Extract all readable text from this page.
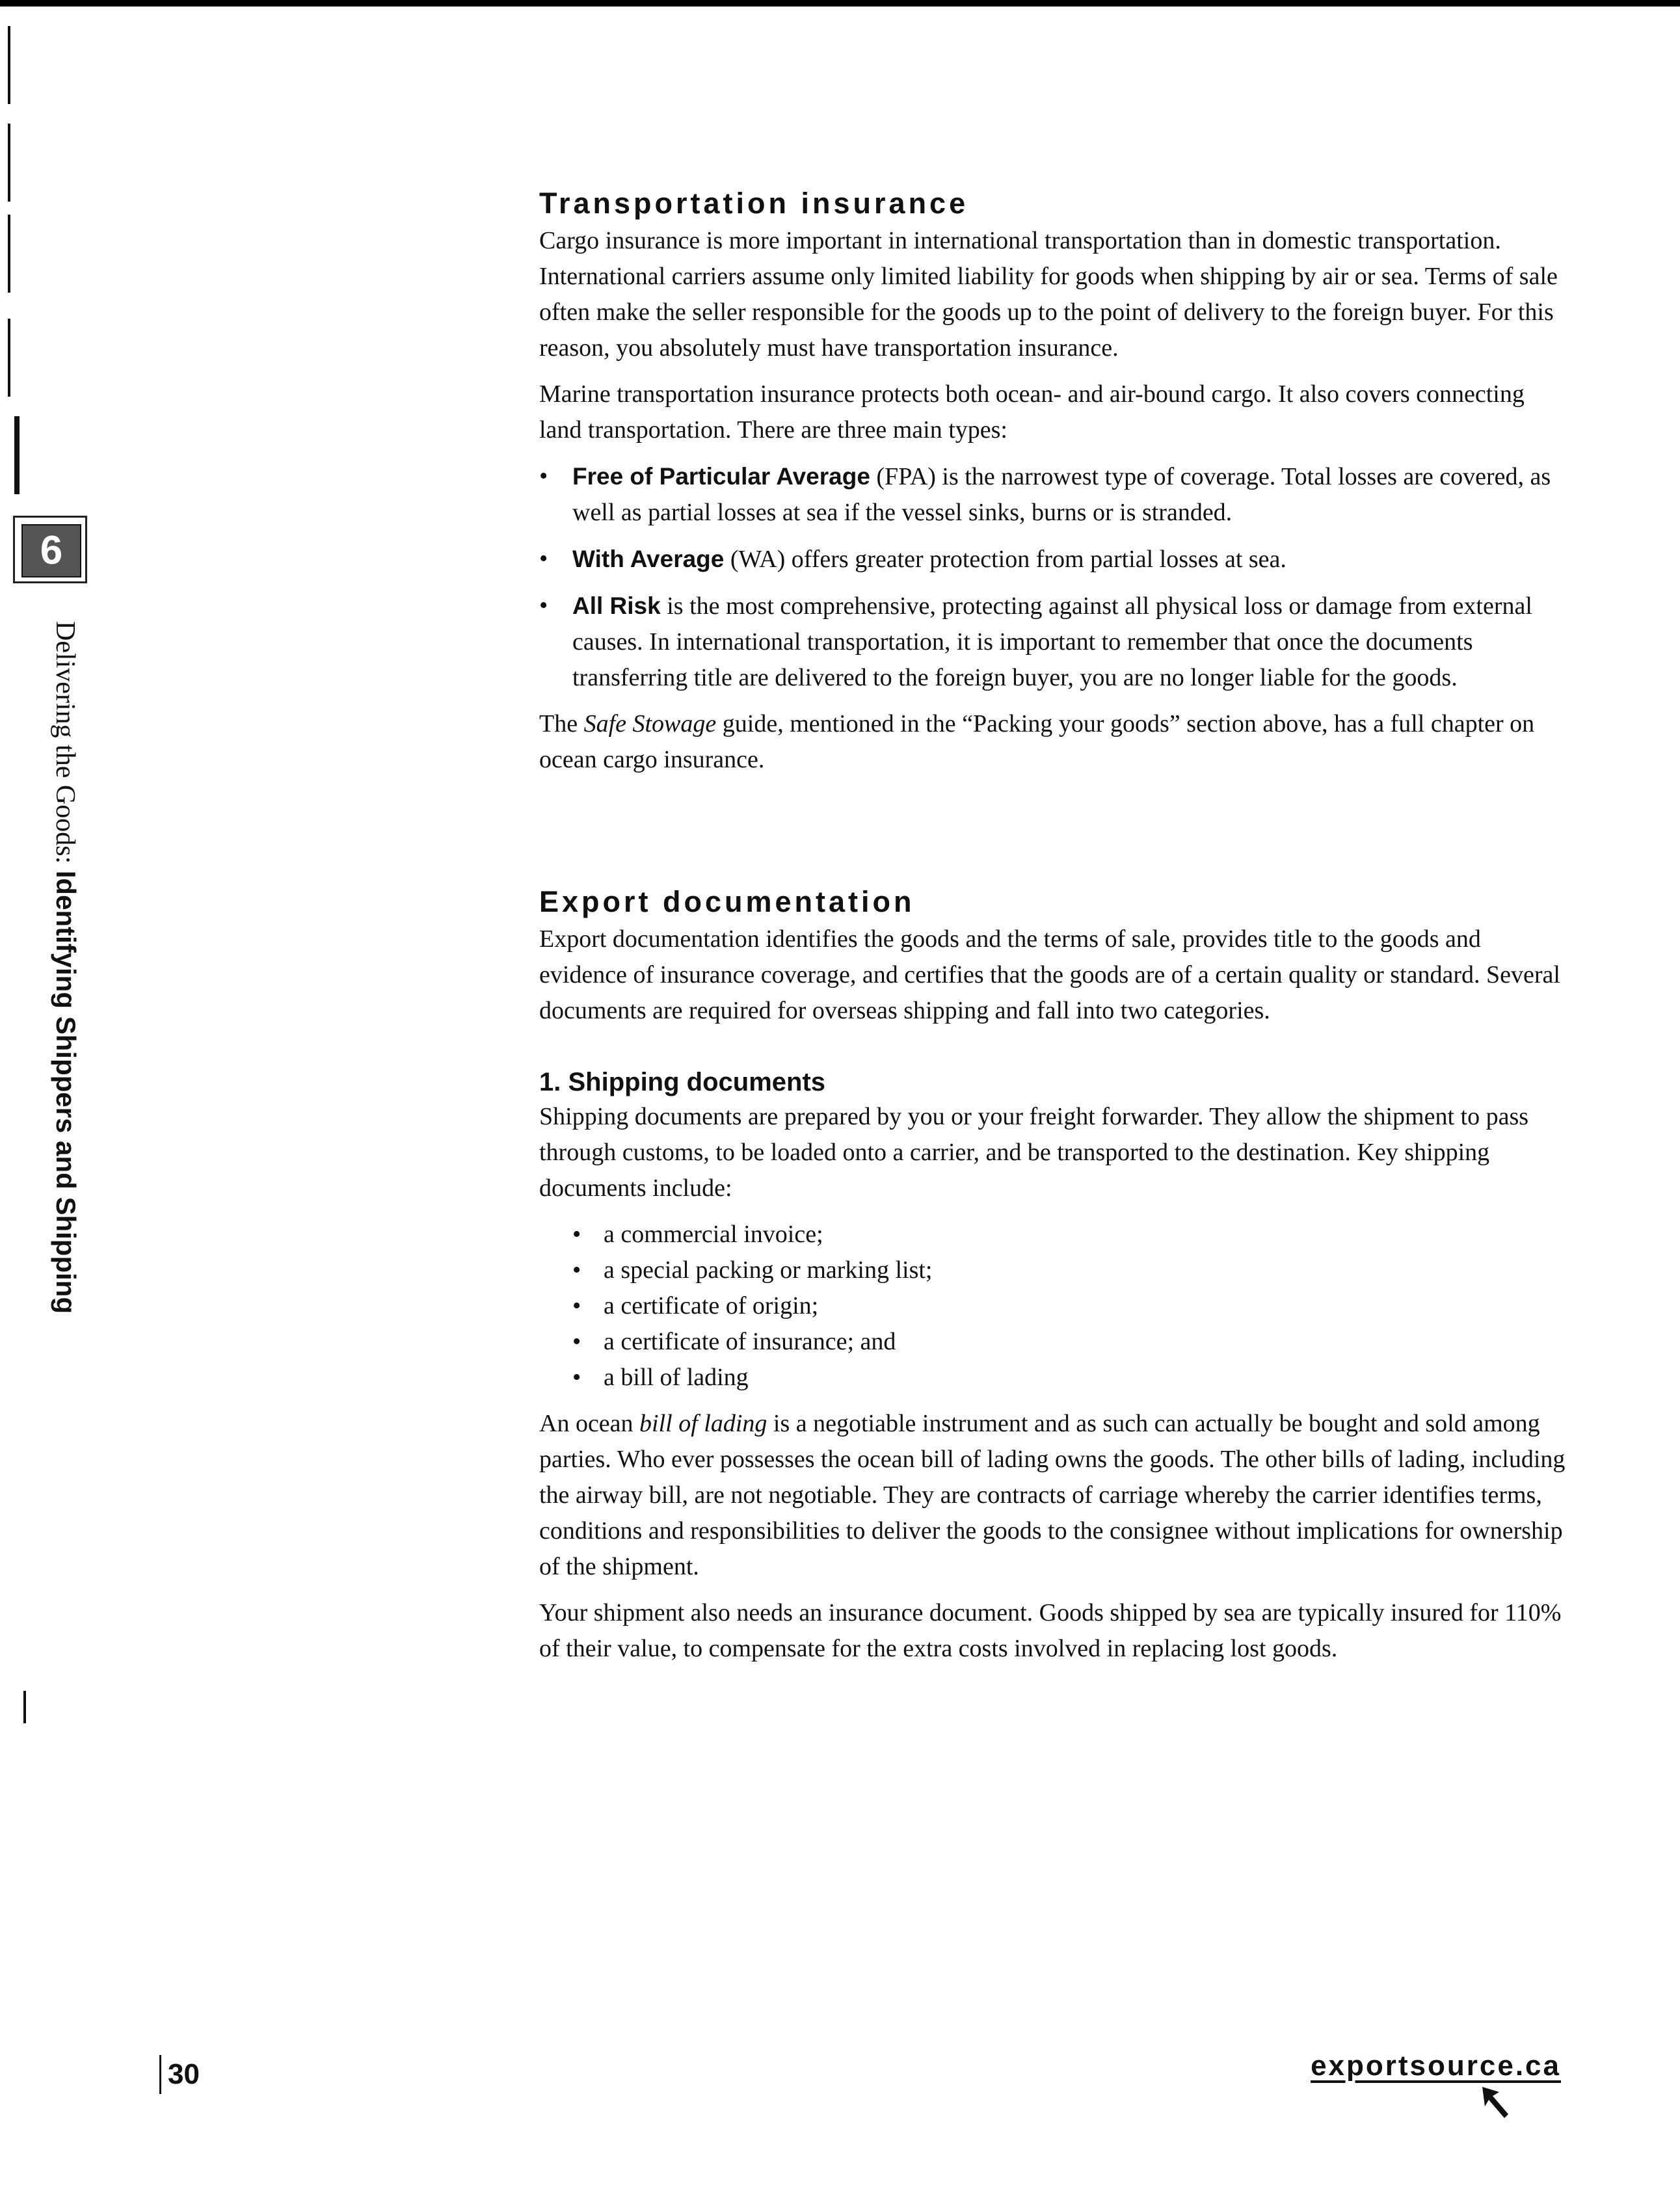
6
Delivering the Goods: Identifying Shippers and Shipping
Transportation insurance

Cargo insurance is more important in international transportation than in domestic transportation. International carriers assume only limited liability for goods when shipping by air or sea. Terms of sale often make the seller responsible for the goods up to the point of delivery to the foreign buyer. For this reason, you absolutely must have transportation insurance.

Marine transportation insurance protects both ocean- and air-bound cargo. It also covers connecting land transportation. There are three main types:

• Free of Particular Average (FPA) is the narrowest type of coverage. Total losses are covered, as well as partial losses at sea if the vessel sinks, burns or is stranded.
• With Average (WA) offers greater protection from partial losses at sea.
• All Risk is the most comprehensive, protecting against all physical loss or damage from external causes. In international transportation, it is important to remember that once the documents transferring title are delivered to the foreign buyer, you are no longer liable for the goods.

The Safe Stowage guide, mentioned in the “Packing your goods” section above, has a full chapter on ocean cargo insurance.

Export documentation

Export documentation identifies the goods and the terms of sale, provides title to the goods and evidence of insurance coverage, and certifies that the goods are of a certain quality or standard. Several documents are required for overseas shipping and fall into two categories.

1. Shipping documents

Shipping documents are prepared by you or your freight forwarder. They allow the shipment to pass through customs, to be loaded onto a carrier, and be transported to the destination. Key shipping documents include:

• a commercial invoice;
• a special packing or marking list;
• a certificate of origin;
• a certificate of insurance; and
• a bill of lading

An ocean bill of lading is a negotiable instrument and as such can actually be bought and sold among parties. Who ever possesses the ocean bill of lading owns the goods. The other bills of lading, including the airway bill, are not negotiable. They are contracts of carriage whereby the carrier identifies terms, conditions and responsibilities to deliver the goods to the consignee without implications for ownership of the shipment.

Your shipment also needs an insurance document. Goods shipped by sea are typically insured for 110% of their value, to compensate for the extra costs involved in replacing lost goods.

30	exportsource.ca
